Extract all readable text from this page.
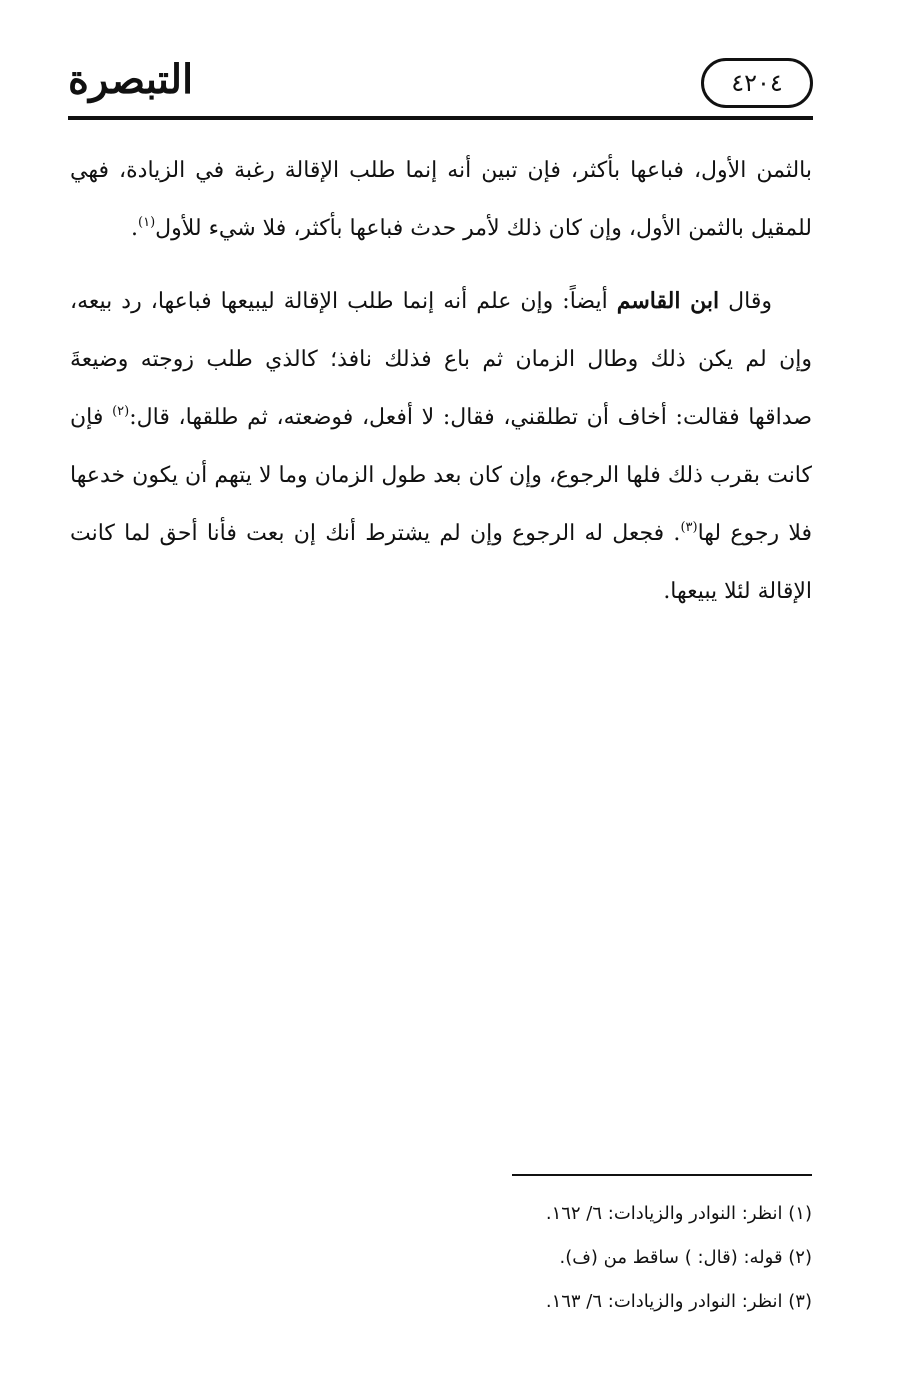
التبصرة	٤٢٠٤

بالثمن الأول، فباعها بأكثر، فإن تبين أنه إنما طلب الإقالة رغبة في الزيادة، فهي للمقيل بالثمن الأول، وإن كان ذلك لأمر حدث فباعها بأكثر، فلا شيء للأول$^{(١)}$.

وقال ابن القاسم أيضاً: وإن علم أنه إنما طلب الإقالة ليبيعها فباعها، رد بيعه، وإن لم يكن ذلك وطال الزمان ثم باع فذلك نافذ؛ كالذي طلب زوجته وضيعةَ صداقها فقالت: أخاف أن تطلقني، فقال: لا أفعل، فوضعته، ثم طلقها، قال:$^{(٢)}$ فإن كانت بقرب ذلك فلها الرجوع، وإن كان بعد طول الزمان وما لا يتهم أن يكون خدعها فلا رجوع لها$^{(٣)}$. فجعل له الرجوع وإن لم يشترط أنك إن بعت فأنا أحق لما كانت الإقالة لئلا يبيعها.

(١) انظر: النوادر والزيادات: ٦/ ١٦٢.

(٢) قوله: (قال: ) ساقط من (ف).

(٣) انظر: النوادر والزيادات: ٦/ ١٦٣.
